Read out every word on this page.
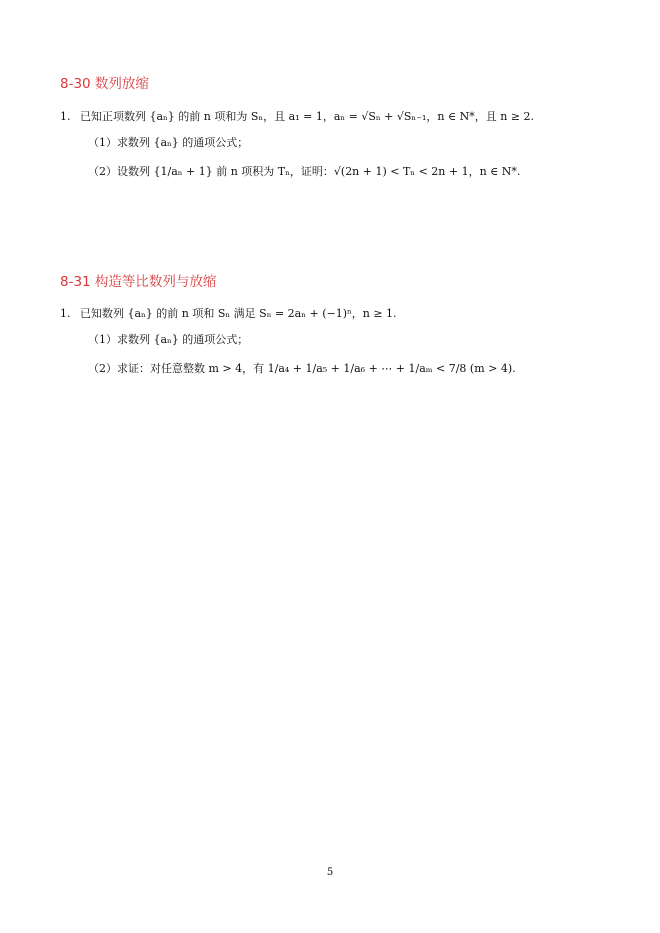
8-30 数列放缩
1. 已知正项数列 {aₙ} 的前 n 项和为 Sₙ，且 a₁ = 1，aₙ = √Sₙ + √Sₙ₋₁，n ∈ N*，且 n ≥ 2.
（1）求数列 {aₙ} 的通项公式；
（2）设数列 {1/aₙ + 1} 前 n 项积为 Tₙ，证明：√(2n + 1) < Tₙ < 2n + 1，n ∈ N*.
8-31 构造等比数列与放缩
1. 已知数列 {aₙ} 的前 n 项和 Sₙ 满足 Sₙ = 2aₙ + (−1)ⁿ，n ≥ 1.
（1）求数列 {aₙ} 的通项公式；
（2）求证：对任意整数 m > 4，有 1/a₄ + 1/a₅ + 1/a₆ + ⋯ + 1/aₘ < 7/8 (m > 4).
5
